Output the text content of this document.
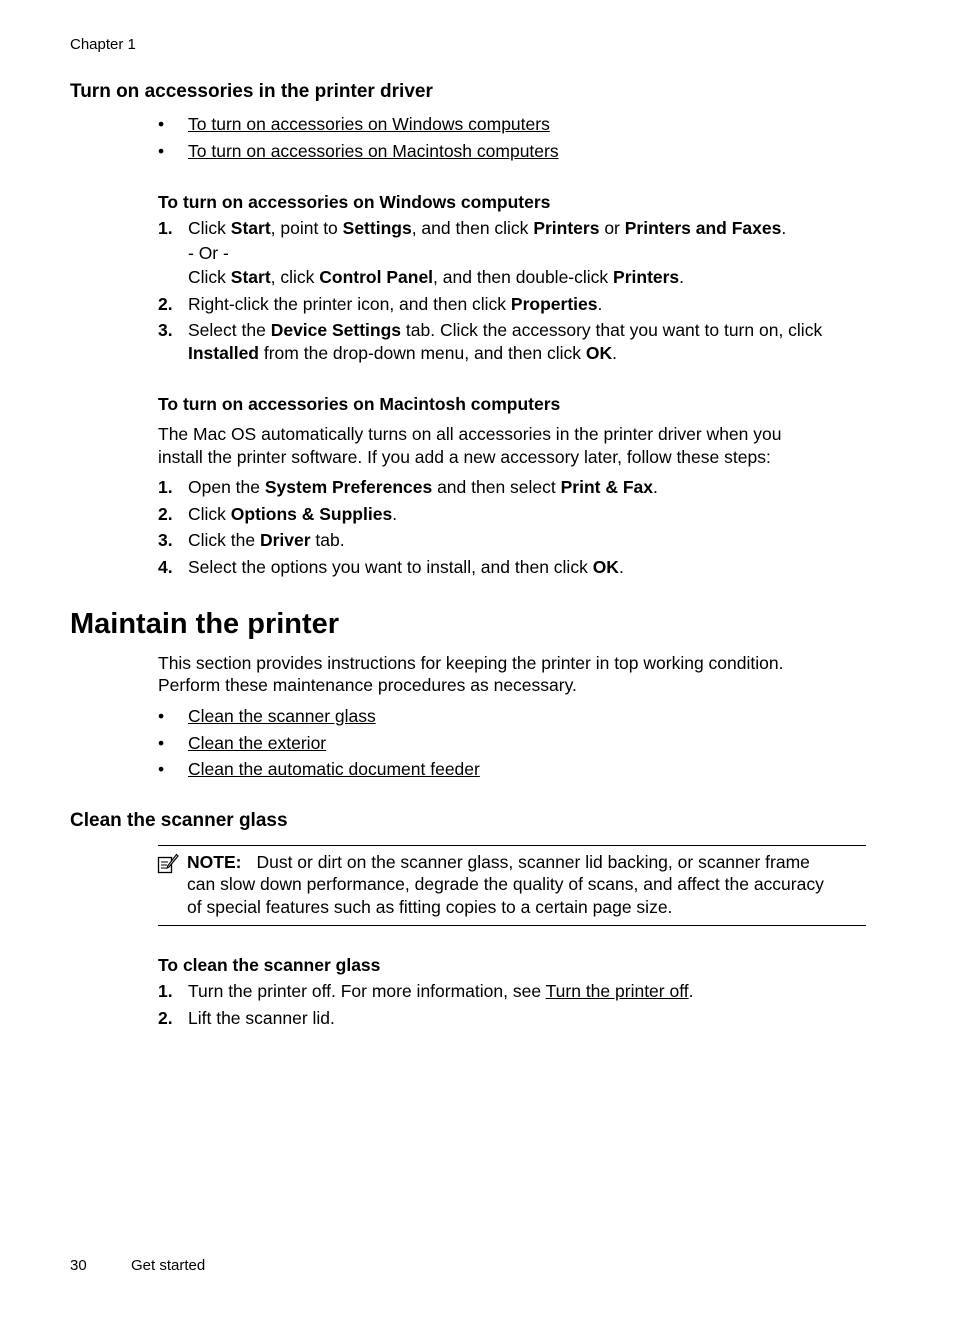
Chapter 1
Turn on accessories in the printer driver
• To turn on accessories on Windows computers
• To turn on accessories on Macintosh computers
To turn on accessories on Windows computers
1. Click Start, point to Settings, and then click Printers or Printers and Faxes.
- Or -
Click Start, click Control Panel, and then double-click Printers.
2. Right-click the printer icon, and then click Properties.
3. Select the Device Settings tab. Click the accessory that you want to turn on, click
Installed from the drop-down menu, and then click OK.
To turn on accessories on Macintosh computers
The Mac OS automatically turns on all accessories in the printer driver when you
install the printer software. If you add a new accessory later, follow these steps:
1. Open the System Preferences and then select Print & Fax.
2. Click Options & Supplies.
3. Click the Driver tab.
4. Select the options you want to install, and then click OK.
Maintain the printer
This section provides instructions for keeping the printer in top working condition.
Perform these maintenance procedures as necessary.
• Clean the scanner glass
• Clean the exterior
• Clean the automatic document feeder
Clean the scanner glass
NOTE: Dust or dirt on the scanner glass, scanner lid backing, or scanner frame
can slow down performance, degrade the quality of scans, and affect the accuracy
of special features such as fitting copies to a certain page size.
To clean the scanner glass
1. Turn the printer off. For more information, see Turn the printer off.
2. Lift the scanner lid.
30	Get started
